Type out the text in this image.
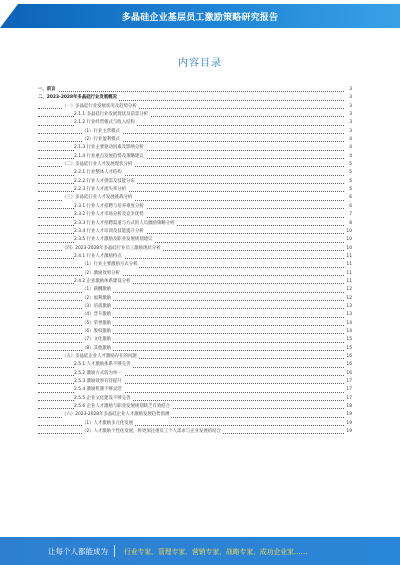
多晶硅企业基层员工激励策略研究报告
内容目录
一、前言	3
二、2023-2028年多晶硅行业发展概况	3
（一）多晶硅行业发展状况及趋势分析	3
2.1.1 多晶硅行业发展现状及前景分析	3
2.1.2 行业经营模式与收入结构	3
（1）行业主营模式	3
（2）行业盈利模式	4
2.1.3 行业主要驱动因素及影响分析	4
2.1.4 行业重点发展趋势及策略建议	4
（二）多晶硅行业人才发展现状分析	5
2.2.1 行业整体人才结构	5
2.2.2 行业人才供需及技能分布	5
2.2.3 行业人才流失率分析	5
（三）多晶硅行业人才发展挑战分析	6
2.3.1 行业人才招聘与培养难度分析	6
2.3.2 行业人才市场分析及竞争优势	7
2.3.3 行业人才招聘渠道与方式的人员激励策略分析	8
2.3.4 行业人才培训及技能提升分析	10
2.3.5 行业人才激励及职业发展规划建议	10
（四）2023-2028年多晶硅行业员工激励现状分析	10
2.4.1 行业人才激励特点	11
（1）行业主要激励方式分析	11
（2）激励效果分析	11
2.4.2 企业激励体系建设分析	11
（1）薪酬激励	12
（2）福利激励	12
（3）培训激励	13
（4）晋升激励	13
（5）荣誉激励	14
（6）股权激励	14
（7）文化激励	15
（8）其他激励	15
（五）多晶硅企业人才激励存在的问题	16
2.5.1 人才激励体系不够完善	16
2.5.2 激励方式较为单一	16
2.5.3 激励效果有待提升	17
2.5.4 激励机制不够灵活	17
2.5.5 企业文化建设不够完善	17
2.5.6 企业人才激励与职业发展规划缺乏有效结合	18
（六）2023-2028年多晶硅企业人才激励发展趋势预测	19
（1）人才激励多元化发展	19
（2）人才激励个性化发展，将更加注重员工个人需求与企业发展的结合	19
让每个人都能成为 行业专家、管理专家、营销专家、战略专家、成功企业家……
